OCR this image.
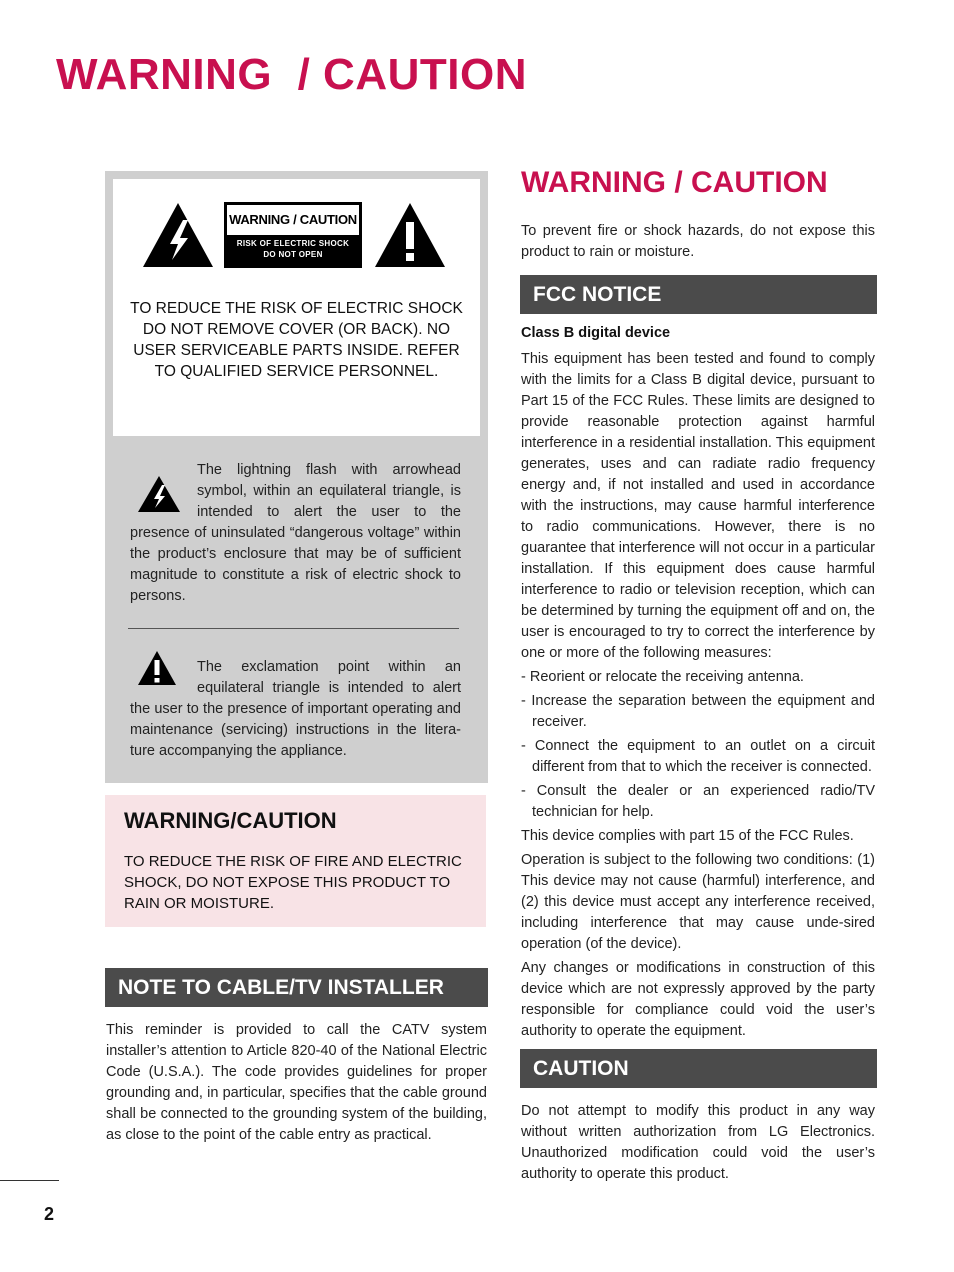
WARNING  / CAUTION
WARNING / CAUTION
RISK OF ELECTRIC SHOCK
DO NOT OPEN
TO REDUCE THE RISK OF ELECTRIC SHOCK DO NOT REMOVE COVER (OR BACK). NO USER SERVICEABLE PARTS INSIDE. REFER TO QUALIFIED SERVICE PERSONNEL.
The lightning flash with arrowhead symbol, within an equilateral triangle, is intended to alert the user to the presence of uninsulated “dangerous voltage” within the product’s enclosure that may be of sufficient magnitude to constitute a risk of electric shock to persons.
The exclamation point within an equilateral triangle is intended to alert the user to the presence of important operating and maintenance (servicing) instructions in the litera-ture accompanying the appliance.
WARNING/CAUTION
TO REDUCE THE RISK OF FIRE AND ELECTRIC SHOCK, DO NOT EXPOSE THIS PRODUCT TO RAIN OR MOISTURE.
NOTE TO CABLE/TV INSTALLER
This reminder is provided to call the CATV system installer’s attention to Article 820-40 of the National Electric Code (U.S.A.). The code provides guidelines for proper grounding and, in particular, specifies that the cable ground shall be connected to the grounding system of the building, as close to the point of the cable entry as practical.
2
WARNING / CAUTION
To prevent fire or shock hazards, do not expose this product to rain or moisture.
FCC NOTICE
Class B digital device

This equipment has been tested and found to comply with the limits for a Class B digital device, pursuant to Part 15 of the FCC Rules. These limits are designed to provide reasonable protection against harmful interference in a residential installation. This equipment generates, uses and can radiate radio frequency energy and, if not installed and used in accordance with the instructions, may cause harmful interference to radio communications. However, there is no guarantee that interference will not occur in a particular installation. If this equipment does cause harmful interference to radio or television reception, which can be determined by turning the equipment off and on, the user is encouraged to try to correct the interference by one or more of the following measures:

- Reorient or relocate the receiving antenna.
- Increase the separation between the equipment and receiver.
- Connect the equipment to an outlet on a circuit different from that to which the receiver is connected.
- Consult the dealer or an experienced radio/TV technician for help.

This device complies with part 15 of the FCC Rules.

Operation is subject to the following two conditions: (1) This device may not cause (harmful) interference, and (2) this device must accept any interference received, including interference that may cause unde-sired operation (of the device).

Any changes or modifications in construction of this device which are not expressly approved by the party responsible for compliance could void the user’s authority to operate the equipment.

CAUTION
Do not attempt to modify this product in any way without written authorization from LG Electronics. Unauthorized modification could void the user’s authority to operate this product.
